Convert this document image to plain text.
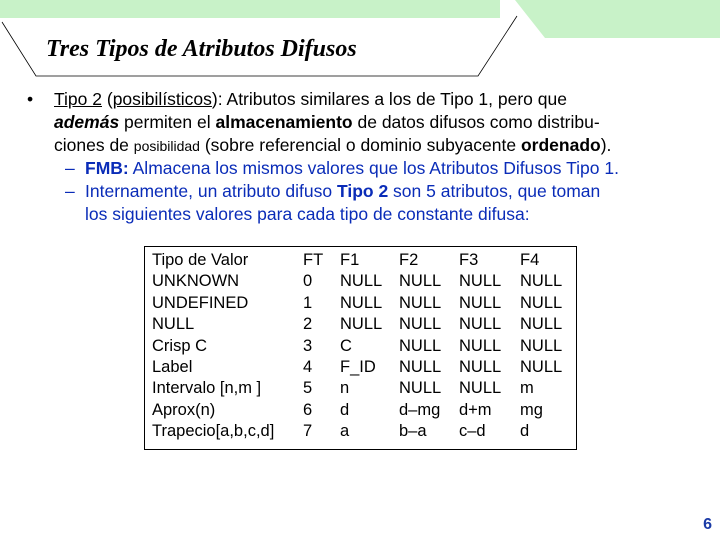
Tres Tipos de Atributos Difusos
• Tipo 2 (posibilísticos): Atributos similares a los de Tipo 1, pero que
además permiten el almacenamiento de datos difusos como distribu-
ciones de posibilidad (sobre referencial o dominio subyacente ordenado).
– FMB: Almacena los mismos valores que los Atributos Difusos Tipo 1.
– Internamente, un atributo difuso Tipo 2 son 5 atributos, que toman
los siguientes valores para cada tipo de constante difusa:
Tipo de Valor
UNKNOWN
UNDEFINED
NULL
Crisp C
Label
Intervalo [n,m ]
Aprox(n)
Trapecio[a,b,c,d]
FT
0
1
2
3
4
5
6
7
F1
NULL
NULL
NULL
C
F_ID
n
d
a
F2
NULL
NULL
NULL
NULL
NULL
NULL
d–mg
b–a
F3
NULL
NULL
NULL
NULL
NULL
NULL
d+m
c–d
F4
NULL
NULL
NULL
NULL
NULL
m
mg
d
6
